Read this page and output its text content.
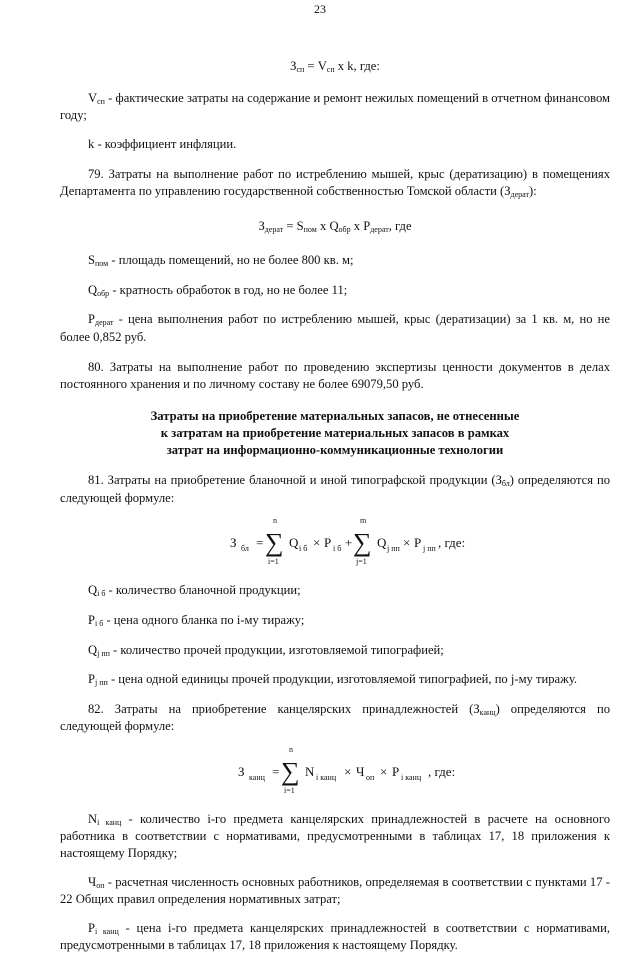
23

$З_{сп} = V_{сп}$ x k, где:

$V_{сп}$ - фактические затраты на содержание и ремонт нежилых помещений в отчетном финансовом году;

k - коэффициент инфляции.

79. Затраты на выполнение работ по истреблению мышей, крыс (дератизацию) в помещениях Департамента по управлению государственной собственностью Томской области $(З_{дерат})$:

$З_{дерат} = S_{пом}$ x $Q_{обр}$ x $P_{дерат}$, где

$S_{пом}$ - площадь помещений, но не более 800 кв. м;

$Q_{обр}$ - кратность обработок в год, но не более 11;

$P_{дерат}$ - цена выполнения работ по истреблению мышей, крыс (дератизации) за 1 кв. м, но не более 0,852 руб.

80. Затраты на выполнение работ по проведению экспертизы ценности документов в делах постоянного хранения и по личному составу не более 69079,50 руб.

Затраты на приобретение материальных запасов, не отнесенные
к затратам на приобретение материальных запасов в рамках
затрат на информационно-коммуникационные технологии

81. Затраты на приобретение бланочной и иной типографской продукции $(З_{бл})$ определяются по следующей формуле:

З бл =
n
∑
i=1
Q i б × P i б +
m
∑
j=1
Q j пп × P j пп , где:

$Q_{i б}$ - количество бланочной продукции;

$P_{i б}$ - цена одного бланка по i-му тиражу;

$Q_{j пп}$ - количество прочей продукции, изготовляемой типографией;

$P_{j пп}$ - цена одной единицы прочей продукции, изготовляемой типографией, по j-му тиражу.

82. Затраты на приобретение канцелярских принадлежностей $(З_{канц})$ определяются по следующей формуле:

З канц =
n
∑
i=1
N i канц × Ч оп × P i канц , где:

$N_{i канц}$ - количество i-го предмета канцелярских принадлежностей в расчете на основного работника в соответствии с нормативами, предусмотренными в таблицах 17, 18 приложения к настоящему Порядку;

$Ч_{оп}$ - расчетная численность основных работников, определяемая в соответствии с пунктами 17 - 22 Общих правил определения нормативных затрат;

$P_{i канц}$ - цена i-го предмета канцелярских принадлежностей в соответствии с нормативами, предусмотренными в таблицах 17, 18 приложения к настоящему Порядку.
